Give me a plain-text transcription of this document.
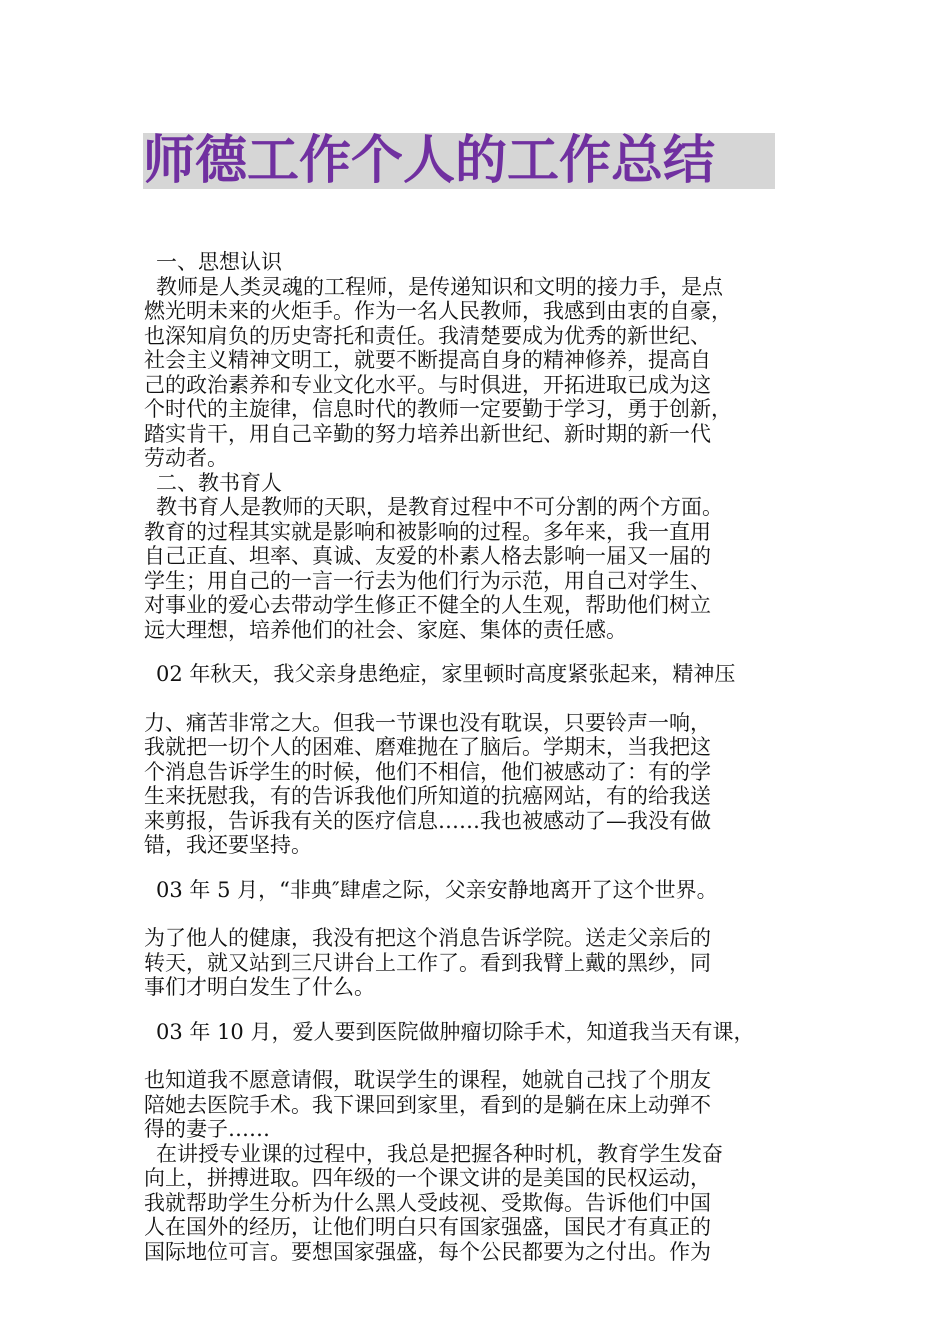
师德工作个人的工作总结
一、思想认识
教师是人类灵魂的工程师，是传递知识和文明的接力手，是点
燃光明未来的火炬手。作为一名人民教师，我感到由衷的自豪，
也深知肩负的历史寄托和责任。我清楚要成为优秀的新世纪、
社会主义精神文明工，就要不断提高自身的精神修养，提高自
己的政治素养和专业文化水平。与时俱进，开拓进取已成为这
个时代的主旋律，信息时代的教师一定要勤于学习，勇于创新，
踏实肯干，用自己辛勤的努力培养出新世纪、新时期的新一代
劳动者。
二、教书育人
教书育人是教师的天职，是教育过程中不可分割的两个方面。
教育的过程其实就是影响和被影响的过程。多年来，我一直用
自己正直、坦率、真诚、友爱的朴素人格去影响一届又一届的
学生；用自己的一言一行去为他们行为示范，用自己对学生、
对事业的爱心去带动学生修正不健全的人生观，帮助他们树立
远大理想，培养他们的社会、家庭、集体的责任感。
02 年秋天，我父亲身患绝症，家里顿时高度紧张起来，精神压
力、痛苦非常之大。但我一节课也没有耽误，只要铃声一响，
我就把一切个人的困难、磨难抛在了脑后。学期末，当我把这
个消息告诉学生的时候，他们不相信，他们被感动了：有的学
生来抚慰我，有的告诉我他们所知道的抗癌网站，有的给我送
来剪报，告诉我有关的医疗信息……我也被感动了—我没有做
错，我还要坚持。
03 年 5 月，“非典″肆虐之际，父亲安静地离开了这个世界。
为了他人的健康，我没有把这个消息告诉学院。送走父亲后的
转天，就又站到三尺讲台上工作了。看到我臂上戴的黑纱，同
事们才明白发生了什么。
03 年 10 月，爱人要到医院做肿瘤切除手术，知道我当天有课，
也知道我不愿意请假，耽误学生的课程，她就自己找了个朋友
陪她去医院手术。我下课回到家里，看到的是躺在床上动弹不
得的妻子……
在讲授专业课的过程中，我总是把握各种时机，教育学生发奋
向上，拼搏进取。四年级的一个课文讲的是美国的民权运动，
我就帮助学生分析为什么黑人受歧视、受欺侮。告诉他们中国
人在国外的经历，让他们明白只有国家强盛，国民才有真正的
国际地位可言。要想国家强盛，每个公民都要为之付出。作为
